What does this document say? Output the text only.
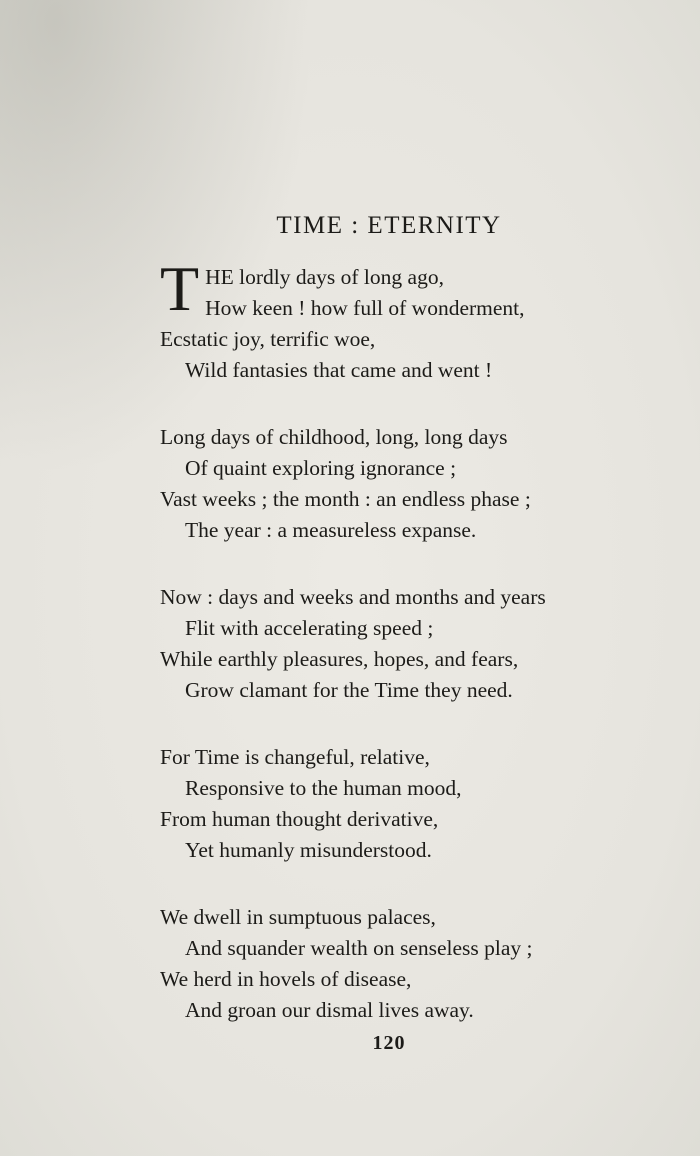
TIME : ETERNITY
T HE lordly days of long ago,
How keen ! how full of wonderment,
Ecstatic joy, terrific woe,
Wild fantasies that came and went !
Long days of childhood, long, long days
Of quaint exploring ignorance ;
Vast weeks ; the month : an endless phase ;
The year : a measureless expanse.
Now : days and weeks and months and years
Flit with accelerating speed ;
While earthly pleasures, hopes, and fears,
Grow clamant for the Time they need.
For Time is changeful, relative,
Responsive to the human mood,
From human thought derivative,
Yet humanly misunderstood.
We dwell in sumptuous palaces,
And squander wealth on senseless play ;
We herd in hovels of disease,
And groan our dismal lives away.
120
